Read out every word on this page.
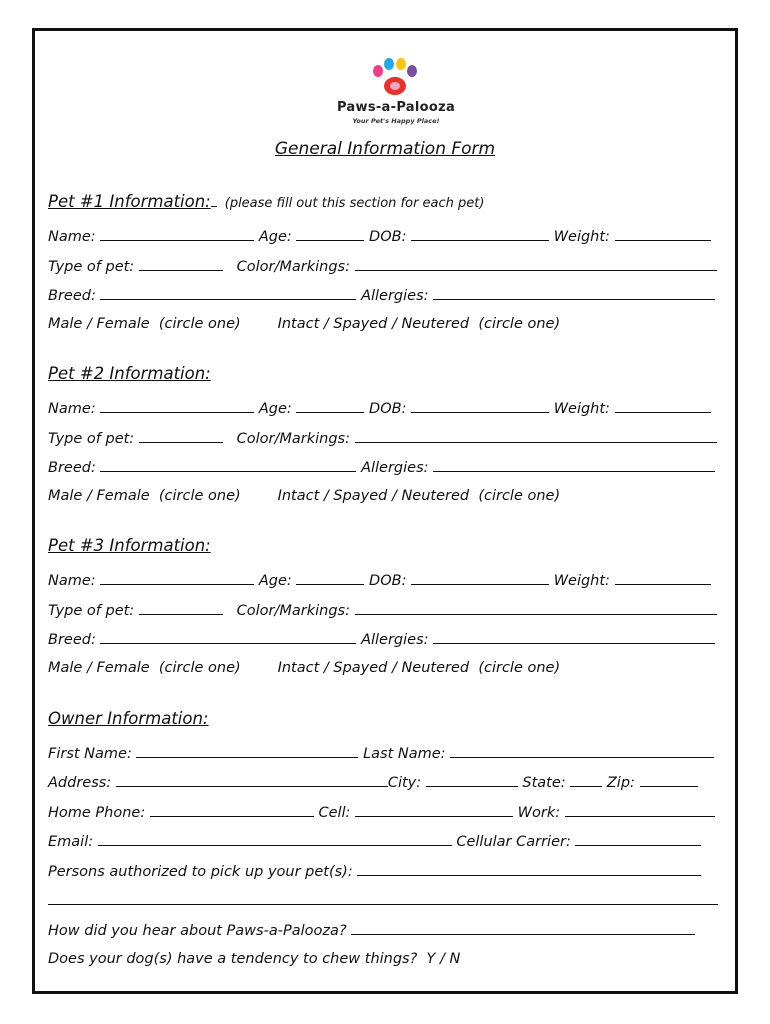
Paws-a-Palooza
Your Pet's Happy Place!
General Information Form
Pet #1 Information: (please fill out this section for each pet)
Name:	Age:	DOB:	Weight:
Type of pet:	Color/Markings:
Breed:	Allergies:
Male / Female (circle one)	Intact / Spayed / Neutered (circle one)
Pet #2 Information:
Name:	Age:	DOB:	Weight:
Type of pet:	Color/Markings:
Breed:	Allergies:
Male / Female (circle one)	Intact / Spayed / Neutered (circle one)
Pet #3 Information:
Name:	Age:	DOB:	Weight:
Type of pet:	Color/Markings:
Breed:	Allergies:
Male / Female (circle one)	Intact / Spayed / Neutered (circle one)
Owner Information:
First Name:	Last Name:
Address:	City:	State:	Zip:
Home Phone:	Cell:	Work:
Email:	Cellular Carrier:
Persons authorized to pick up your pet(s):
How did you hear about Paws-a-Palooza?
Does your dog(s) have a tendency to chew things?  Y / N
